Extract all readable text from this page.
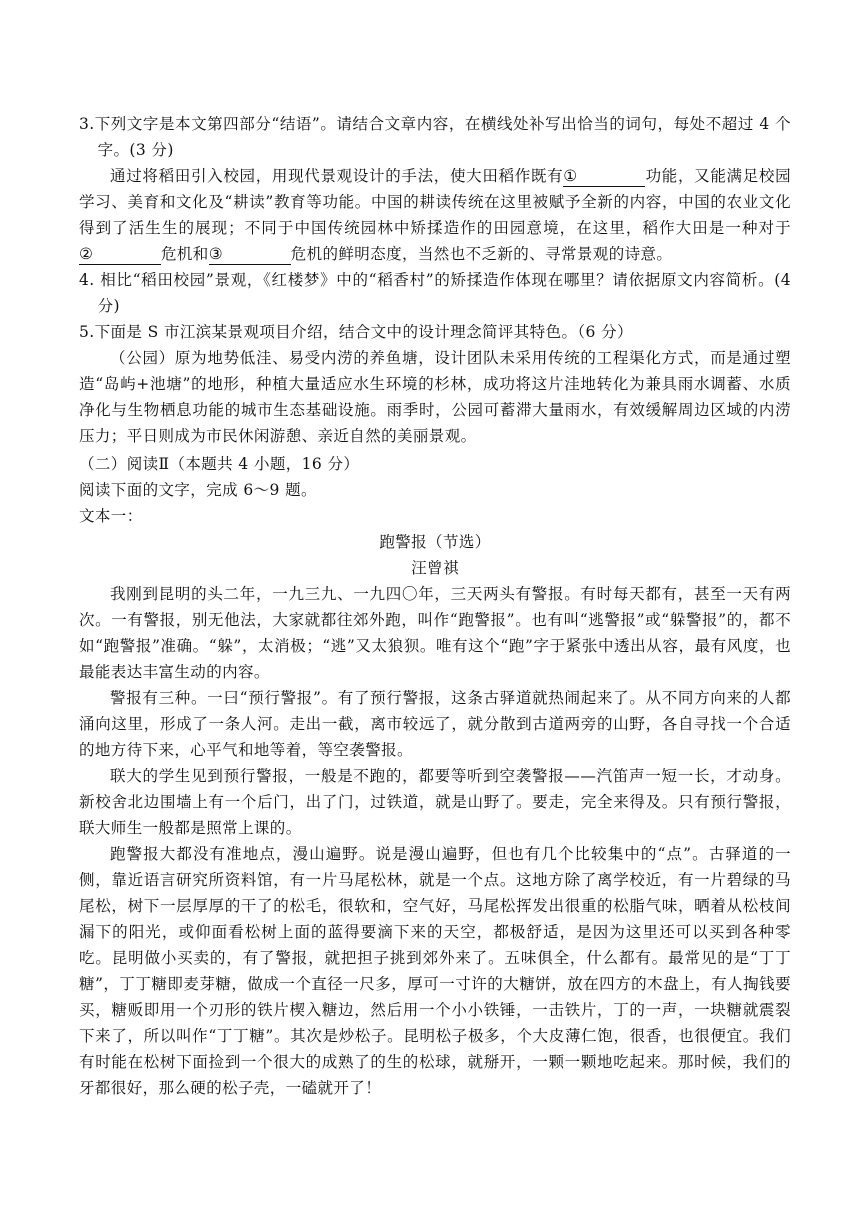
3.下列文字是本文第四部分“结语”。请结合文章内容，在横线处补写出恰当的词句，每处不超过 4 个字。(3 分)

通过将稻田引入校园，用现代景观设计的手法，使大田稻作既有①	功能，又能满足校园学习、美育和文化及“耕读”教育等功能。中国的耕读传统在这里被赋予全新的内容，中国的农业文化得到了活生生的展现；不同于中国传统园林中矫揉造作的田园意境，在这里，稻作大田是一种对于②	危机和③	危机的鲜明态度，当然也不乏新的、寻常景观的诗意。

4. 相比“稻田校园”景观，《红楼梦》中的“稻香村”的矫揉造作体现在哪里？请依据原文内容简析。(4 分)

5.下面是 S 市江滨某景观项目介绍，结合文中的设计理念简评其特色。（6 分）

（公园）原为地势低洼、易受内涝的养鱼塘，设计团队未采用传统的工程渠化方式，而是通过塑造“岛屿+池塘”的地形，种植大量适应水生环境的杉林，成功将这片洼地转化为兼具雨水调蓄、水质净化与生物栖息功能的城市生态基础设施。雨季时，公园可蓄滞大量雨水，有效缓解周边区域的内涝压力；平日则成为市民休闲游憩、亲近自然的美丽景观。

（二）阅读Ⅱ（本题共 4 小题，16 分）

阅读下面的文字，完成 6～9 题。

文本一：

跑警报（节选）

汪曾祺

我刚到昆明的头二年，一九三九、一九四〇年，三天两头有警报。有时每天都有，甚至一天有两次。一有警报，别无他法，大家就都往郊外跑，叫作“跑警报”。也有叫“逃警报”或“躲警报”的，都不如“跑警报”准确。“躲”，太消极；“逃”又太狼狈。唯有这个“跑”字于紧张中透出从容，最有风度，也最能表达丰富生动的内容。

警报有三种。一曰“预行警报”。有了预行警报，这条古驿道就热闹起来了。从不同方向来的人都涌向这里，形成了一条人河。走出一截，离市较远了，就分散到古道两旁的山野，各自寻找一个合适的地方待下来，心平气和地等着，等空袭警报。

联大的学生见到预行警报，一般是不跑的，都要等听到空袭警报——汽笛声一短一长，才动身。新校舍北边围墙上有一个后门，出了门，过铁道，就是山野了。要走，完全来得及。只有预行警报，联大师生一般都是照常上课的。

跑警报大都没有准地点，漫山遍野。说是漫山遍野，但也有几个比较集中的“点”。古驿道的一侧，靠近语言研究所资料馆，有一片马尾松林，就是一个点。这地方除了离学校近，有一片碧绿的马尾松，树下一层厚厚的干了的松毛，很软和，空气好，马尾松挥发出很重的松脂气味，晒着从松枝间漏下的阳光，或仰面看松树上面的蓝得要滴下来的天空，都极舒适，是因为这里还可以买到各种零吃。昆明做小买卖的，有了警报，就把担子挑到郊外来了。五味俱全，什么都有。最常见的是“丁丁糖”，丁丁糖即麦芽糖，做成一个直径一尺多，厚可一寸许的大糖饼，放在四方的木盘上，有人掏钱要买，糖贩即用一个刃形的铁片楔入糖边，然后用一个小小铁锤，一击铁片，丁的一声，一块糖就震裂下来了，所以叫作“丁丁糖”。其次是炒松子。昆明松子极多，个大皮薄仁饱，很香，也很便宜。我们有时能在松树下面捡到一个很大的成熟了的生的松球，就掰开，一颗一颗地吃起来。那时候，我们的牙都很好，那么硬的松子壳，一磕就开了！
